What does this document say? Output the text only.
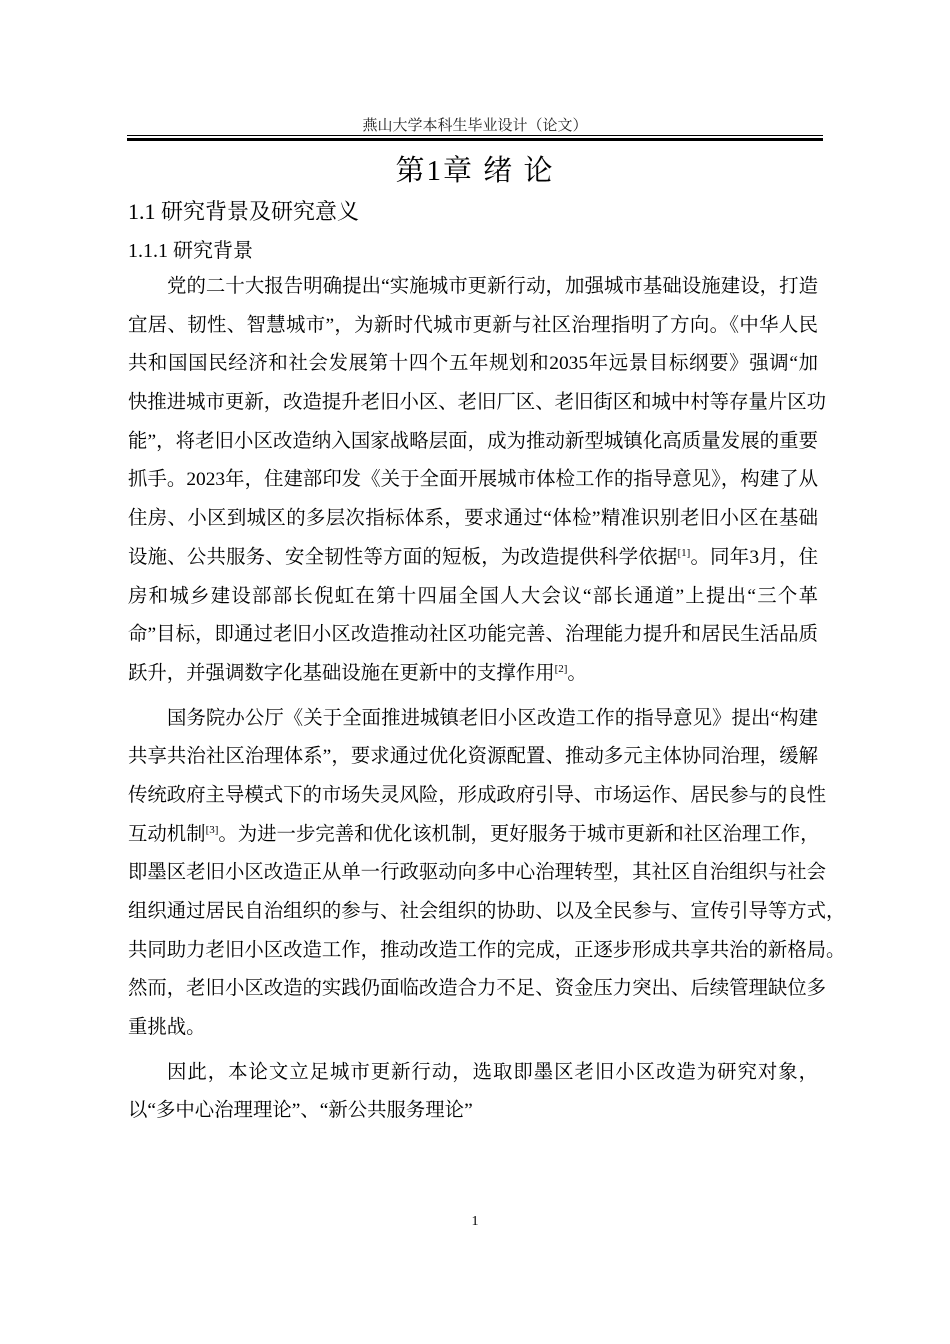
燕山大学本科生毕业设计（论文）
第1章 绪 论
1.1 研究背景及研究意义
1.1.1 研究背景
党的二十大报告明确提出“实施城市更新行动，加强城市基础设施建设，打造
宜居、韧性、智慧城市”，为新时代城市更新与社区治理指明了方向。《中华人民
共和国国民经济和社会发展第十四个五年规划和2035年远景目标纲要》强调“加
快推进城市更新，改造提升老旧小区、老旧厂区、老旧街区和城中村等存量片区功
能”，将老旧小区改造纳入国家战略层面，成为推动新型城镇化高质量发展的重要
抓手。2023年，住建部印发《关于全面开展城市体检工作的指导意见》，构建了从
住房、小区到城区的多层次指标体系，要求通过“体检”精准识别老旧小区在基础
设施、公共服务、安全韧性等方面的短板，为改造提供科学依据[1]。同年3月，住
房和城乡建设部部长倪虹在第十四届全国人大会议“部长通道”上提出“三个革
命”目标，即通过老旧小区改造推动社区功能完善、治理能力提升和居民生活品质
跃升，并强调数字化基础设施在更新中的支撑作用[2]。
国务院办公厅《关于全面推进城镇老旧小区改造工作的指导意见》提出“构建
共享共治社区治理体系”，要求通过优化资源配置、推动多元主体协同治理，缓解
传统政府主导模式下的市场失灵风险，形成政府引导、市场运作、居民参与的良性
互动机制[3]。为进一步完善和优化该机制，更好服务于城市更新和社区治理工作，
即墨区老旧小区改造正从单一行政驱动向多中心治理转型，其社区自治组织与社会
组织通过居民自治组织的参与、社会组织的协助、以及全民参与、宣传引导等方式，
共同助力老旧小区改造工作，推动改造工作的完成，正逐步形成共享共治的新格局。
然而，老旧小区改造的实践仍面临改造合力不足、资金压力突出、后续管理缺位多
重挑战。
因此，本论文立足城市更新行动，选取即墨区老旧小区改造为研究对象，
以“多中心治理理论”、“新公共服务理论”
1
